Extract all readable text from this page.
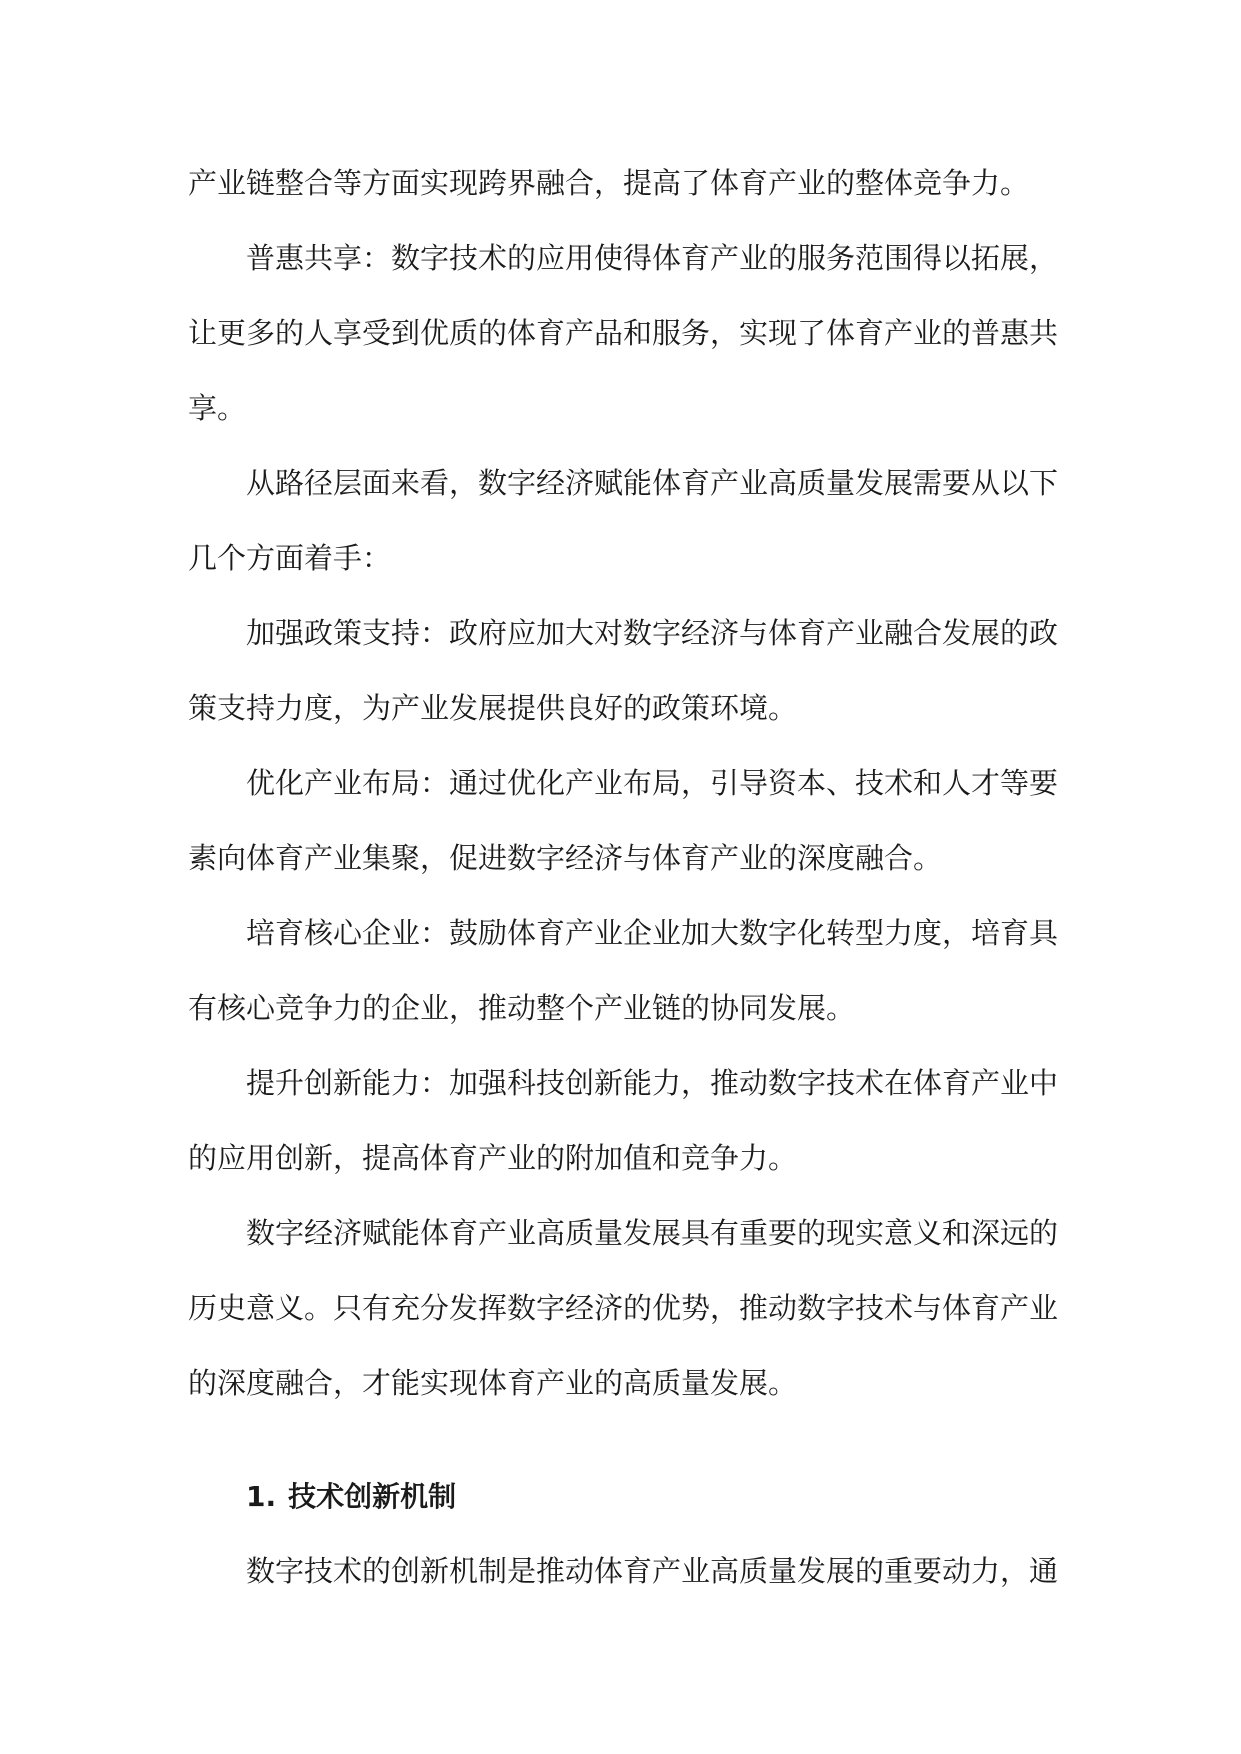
产业链整合等方面实现跨界融合，提高了体育产业的整体竞争力。

普惠共享：数字技术的应用使得体育产业的服务范围得以拓展，让更多的人享受到优质的体育产品和服务，实现了体育产业的普惠共享。

从路径层面来看，数字经济赋能体育产业高质量发展需要从以下几个方面着手：

加强政策支持：政府应加大对数字经济与体育产业融合发展的政策支持力度，为产业发展提供良好的政策环境。

优化产业布局：通过优化产业布局，引导资本、技术和人才等要素向体育产业集聚，促进数字经济与体育产业的深度融合。

培育核心企业：鼓励体育产业企业加大数字化转型力度，培育具有核心竞争力的企业，推动整个产业链的协同发展。

提升创新能力：加强科技创新能力，推动数字技术在体育产业中的应用创新，提高体育产业的附加值和竞争力。

数字经济赋能体育产业高质量发展具有重要的现实意义和深远的历史意义。只有充分发挥数字经济的优势，推动数字技术与体育产业的深度融合，才能实现体育产业的高质量发展。

1. 技术创新机制

数字技术的创新机制是推动体育产业高质量发展的重要动力，通
